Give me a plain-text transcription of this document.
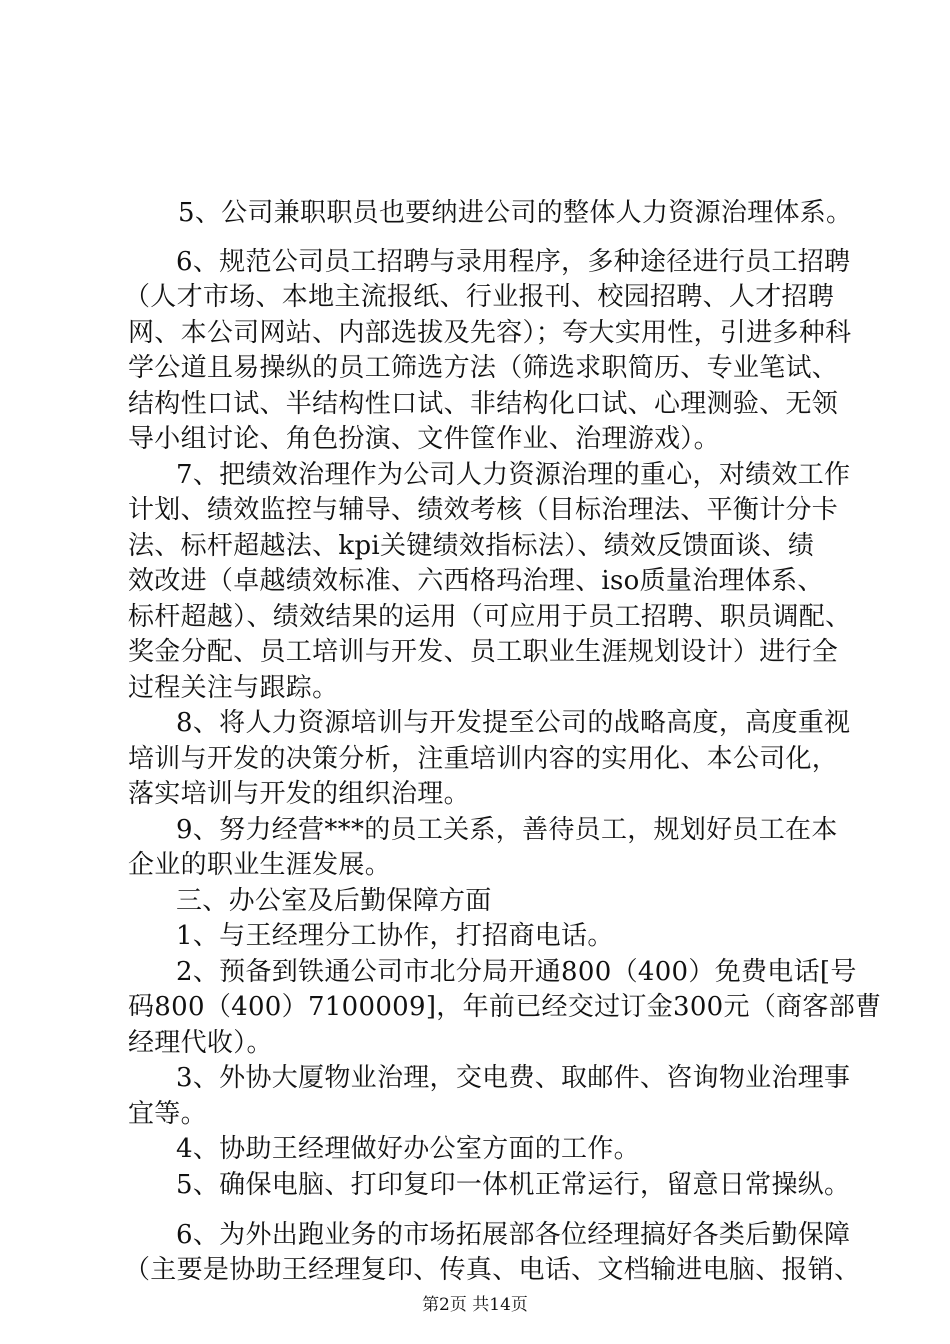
5、公司兼职职员也要纳进公司的整体人力资源治理体系。
6、规范公司员工招聘与录用程序，多种途径进行员工招聘
（人才市场、本地主流报纸、行业报刊、校园招聘、人才招聘
网、本公司网站、内部选拔及先容）；夸大实用性，引进多种科
学公道且易操纵的员工筛选方法（筛选求职简历、专业笔试、
结构性口试、半结构性口试、非结构化口试、心理测验、无领
导小组讨论、角色扮演、文件筐作业、治理游戏）。
7、把绩效治理作为公司人力资源治理的重心，对绩效工作
计划、绩效监控与辅导、绩效考核（目标治理法、平衡计分卡
法、标杆超越法、kpi关键绩效指标法）、绩效反馈面谈、绩
效改进（卓越绩效标准、六西格玛治理、iso质量治理体系、
标杆超越）、绩效结果的运用（可应用于员工招聘、职员调配、
奖金分配、员工培训与开发、员工职业生涯规划设计）进行全
过程关注与跟踪。
8、将人力资源培训与开发提至公司的战略高度，高度重视
培训与开发的决策分析，注重培训内容的实用化、本公司化，
落实培训与开发的组织治理。
9、努力经营***的员工关系，善待员工，规划好员工在本
企业的职业生涯发展。
三、办公室及后勤保障方面
1、与王经理分工协作，打招商电话。
2、预备到铁通公司市北分局开通800（400）免费电话[号
码800（400）7100009]，年前已经交过订金300元（商客部曹
经理代收）。
3、外协大厦物业治理，交电费、取邮件、咨询物业治理事
宜等。
4、协助王经理做好办公室方面的工作。
5、确保电脑、打印复印一体机正常运行，留意日常操纵。
6、为外出跑业务的市场拓展部各位经理搞好各类后勤保障
（主要是协助王经理复印、传真、电话、文档输进电脑、报销、
第2页 共14页
